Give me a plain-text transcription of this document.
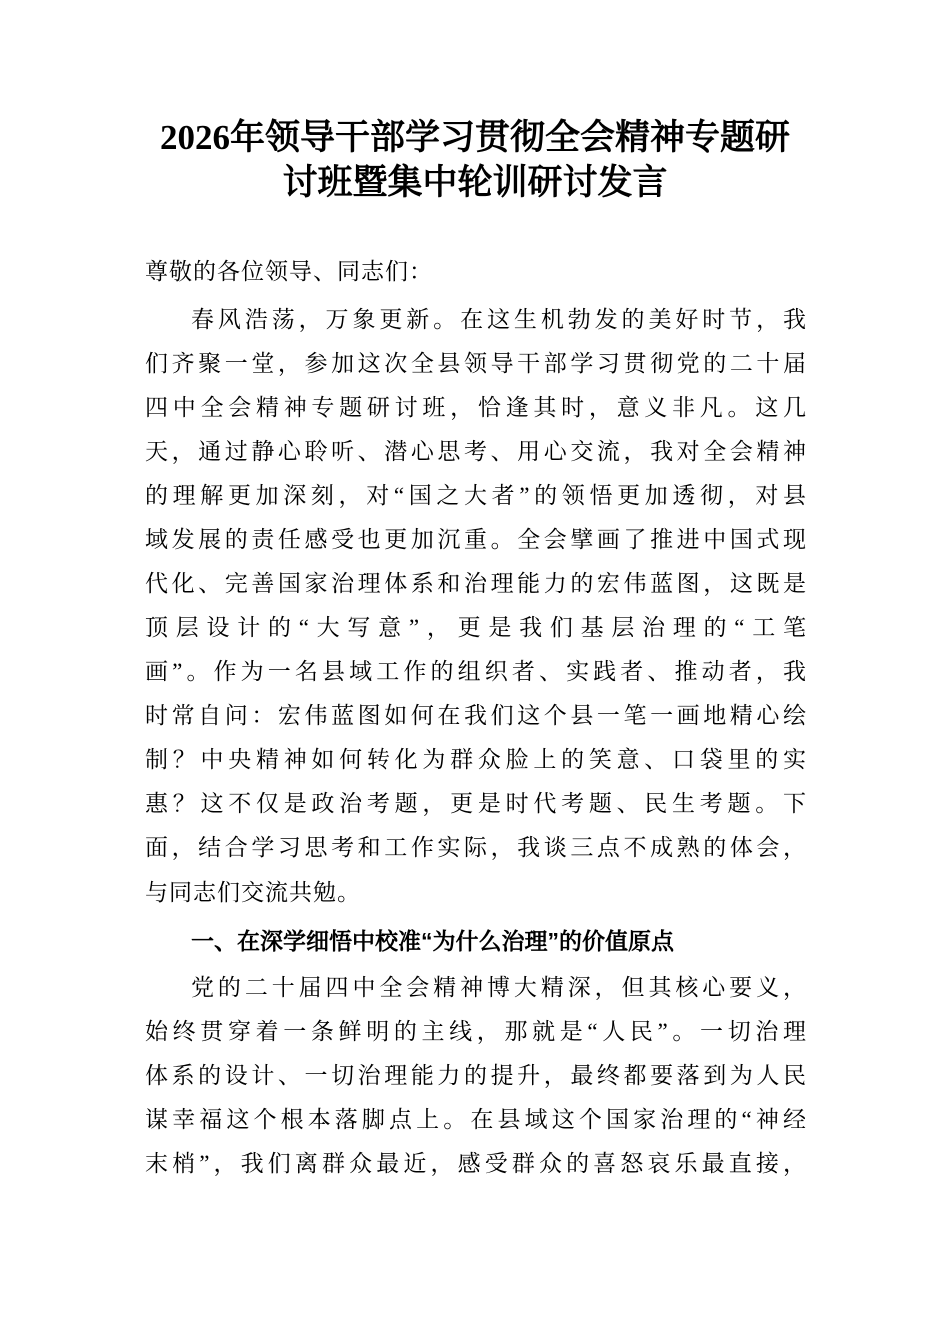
2026年领导干部学习贯彻全会精神专题研
讨班暨集中轮训研讨发言
尊敬的各位领导、同志们：
春风浩荡，万象更新。在这生机勃发的美好时节，我
们齐聚一堂，参加这次全县领导干部学习贯彻党的二十届
四中全会精神专题研讨班，恰逢其时，意义非凡。这几
天，通过静心聆听、潜心思考、用心交流，我对全会精神
的理解更加深刻，对“国之大者”的领悟更加透彻，对县
域发展的责任感受也更加沉重。全会擘画了推进中国式现
代化、完善国家治理体系和治理能力的宏伟蓝图，这既是
顶层设计的“大写意”，更是我们基层治理的“工笔
画”。作为一名县域工作的组织者、实践者、推动者，我
时常自问：宏伟蓝图如何在我们这个县一笔一画地精心绘
制？中央精神如何转化为群众脸上的笑意、口袋里的实
惠？这不仅是政治考题，更是时代考题、民生考题。下
面，结合学习思考和工作实际，我谈三点不成熟的体会，
与同志们交流共勉。
一、在深学细悟中校准“为什么治理”的价值原点
党的二十届四中全会精神博大精深，但其核心要义，
始终贯穿着一条鲜明的主线，那就是“人民”。一切治理
体系的设计、一切治理能力的提升，最终都要落到为人民
谋幸福这个根本落脚点上。在县域这个国家治理的“神经
末梢”，我们离群众最近，感受群众的喜怒哀乐最直接，
